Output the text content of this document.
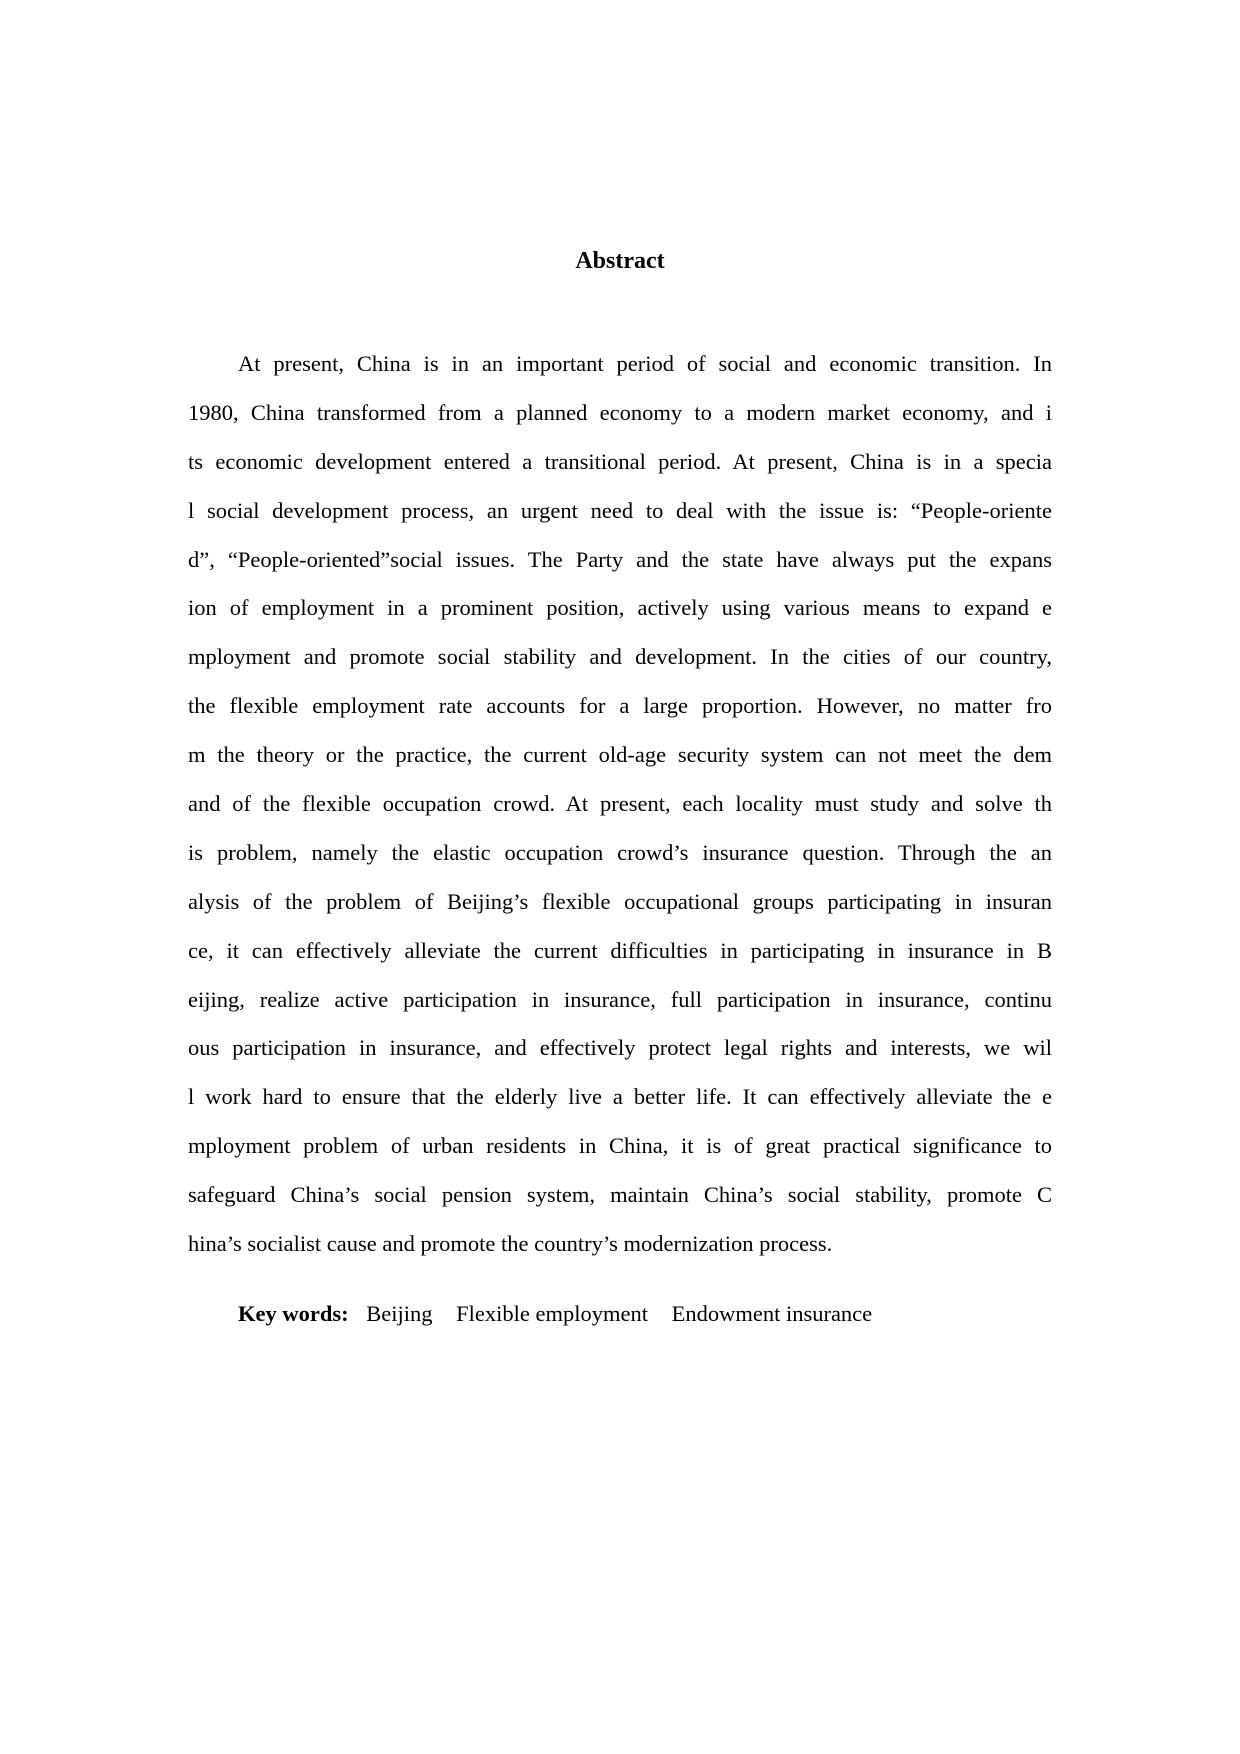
Abstract
At present, China is in an important period of social and economic transition. In
1980, China transformed from a planned economy to a modern market economy, and i
ts economic development entered a transitional period. At present, China is in a specia
l social development process, an urgent need to deal with the issue is: “People-oriente
d”, “People-oriented”social issues. The Party and the state have always put the expans
ion of employment in a prominent position, actively using various means to expand e
mployment and promote social stability and development. In the cities of our country,
the flexible employment rate accounts for a large proportion. However, no matter fro
m the theory or the practice, the current old-age security system can not meet the dem
and of the flexible occupation crowd. At present, each locality must study and solve th
is problem, namely the elastic occupation crowd’s insurance question. Through the an
alysis of the problem of Beijing’s flexible occupational groups participating in insuran
ce, it can effectively alleviate the current difficulties in participating in insurance in B
eijing, realize active participation in insurance, full participation in insurance, continu
ous participation in insurance, and effectively protect legal rights and interests, we wil
l work hard to ensure that the elderly live a better life. It can effectively alleviate the e
mployment problem of urban residents in China, it is of great practical significance to
safeguard China’s social pension system, maintain China’s social stability, promote C
hina’s socialist cause and promote the country’s modernization process.
Key words: Beijing Flexible employment Endowment insurance
